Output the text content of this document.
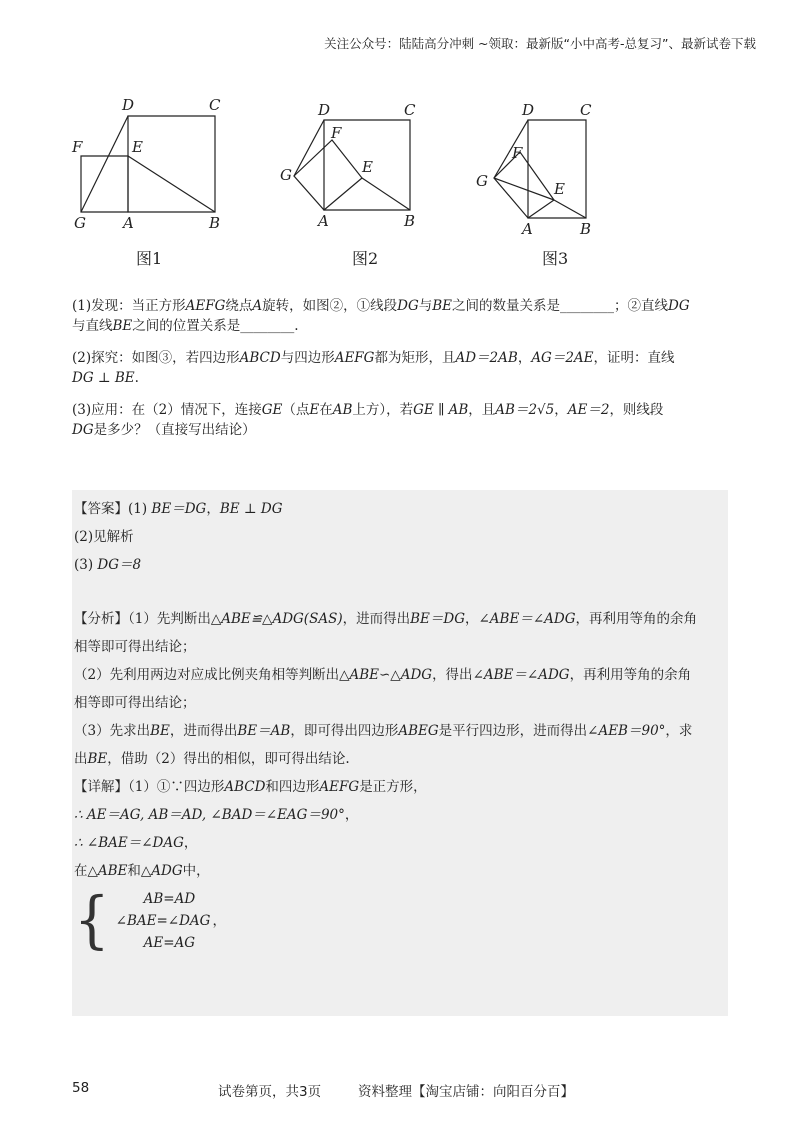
关注公众号：陆陆高分冲刺 ~领取：最新版“小中高考-总复习”、最新试卷下载
D	C
F	E
G A	B
D	C
F
E
G
A	B
D	C
F
E
G
A	B
图1	图2	图3

(1)发现：当正方形AEFG绕点A旋转，如图②，①线段DG与BE之间的数量关系是________；②直线DG
与直线BE之间的位置关系是________.

(2)探究：如图③，若四边形ABCD与四边形AEFG都为矩形，且AD＝2AB，AG＝2AE，证明：直线
DG ⊥ BE.

(3)应用：在（2）情况下，连接GE（点E在AB上方），若GE ∥ AB，且AB＝2√5，AE＝2，则线段
DG是多少？（直接写出结论）

【答案】(1) BE＝DG，BE ⊥ DG

(2)见解析

(3) DG＝8

【分析】（1）先判断出△ABE≌△ADG(SAS)，进而得出BE＝DG，∠ABE＝∠ADG，再利用等角的余角

相等即可得出结论；

（2）先利用两边对应成比例夹角相等判断出△ABE∽△ADG，得出∠ABE＝∠ADG，再利用等角的余角

相等即可得出结论；

（3）先求出BE，进而得出BE＝AB，即可得出四边形ABEG是平行四边形，进而得出∠AEB＝90°，求

出BE，借助（2）得出的相似，即可得出结论.

【详解】（1）①∵四边形ABCD和四边形AEFG是正方形，

∴ AE＝AG, AB＝AD, ∠BAD＝∠EAG＝90°，

∴ ∠BAE＝∠DAG，

在△ABE和△ADG中，

{	AB=AD
∠BAE=∠DAG
AE=AG
，
58	试卷第页，共3页	资料整理【淘宝店铺：向阳百分百】
